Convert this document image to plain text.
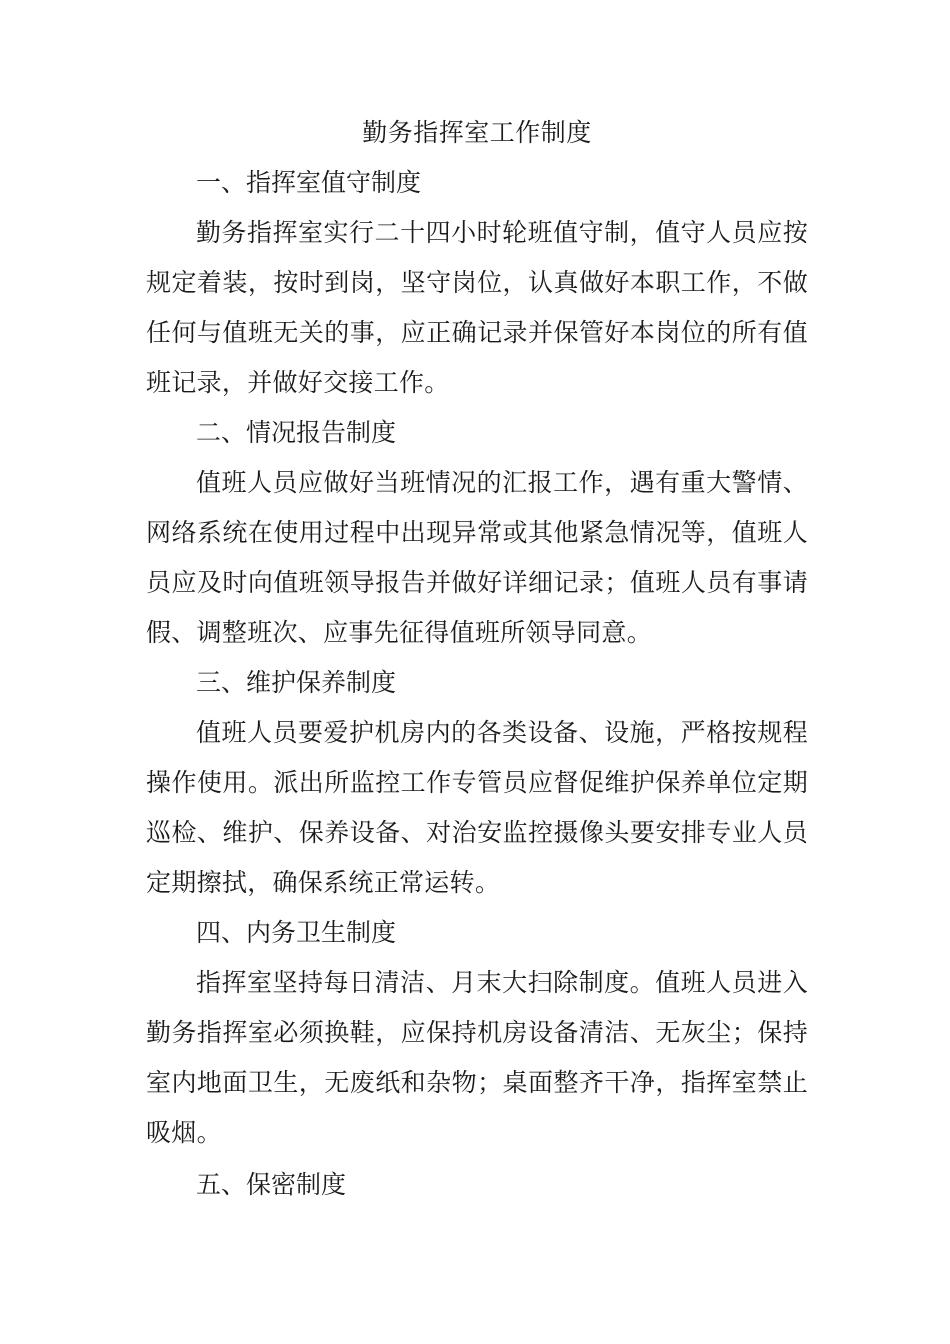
勤务指挥室工作制度

一、指挥室值守制度

勤务指挥室实行二十四小时轮班值守制，值守人员应按规定着装，按时到岗，坚守岗位，认真做好本职工作，不做任何与值班无关的事，应正确记录并保管好本岗位的所有值班记录，并做好交接工作。

二、情况报告制度

值班人员应做好当班情况的汇报工作，遇有重大警情、网络系统在使用过程中出现异常或其他紧急情况等，值班人员应及时向值班领导报告并做好详细记录；值班人员有事请假、调整班次、应事先征得值班所领导同意。

三、维护保养制度

值班人员要爱护机房内的各类设备、设施，严格按规程操作使用。派出所监控工作专管员应督促维护保养单位定期巡检、维护、保养设备、对治安监控摄像头要安排专业人员定期擦拭，确保系统正常运转。

四、内务卫生制度

指挥室坚持每日清洁、月末大扫除制度。值班人员进入勤务指挥室必须换鞋，应保持机房设备清洁、无灰尘；保持室内地面卫生，无废纸和杂物；桌面整齐干净，指挥室禁止吸烟。

五、保密制度
